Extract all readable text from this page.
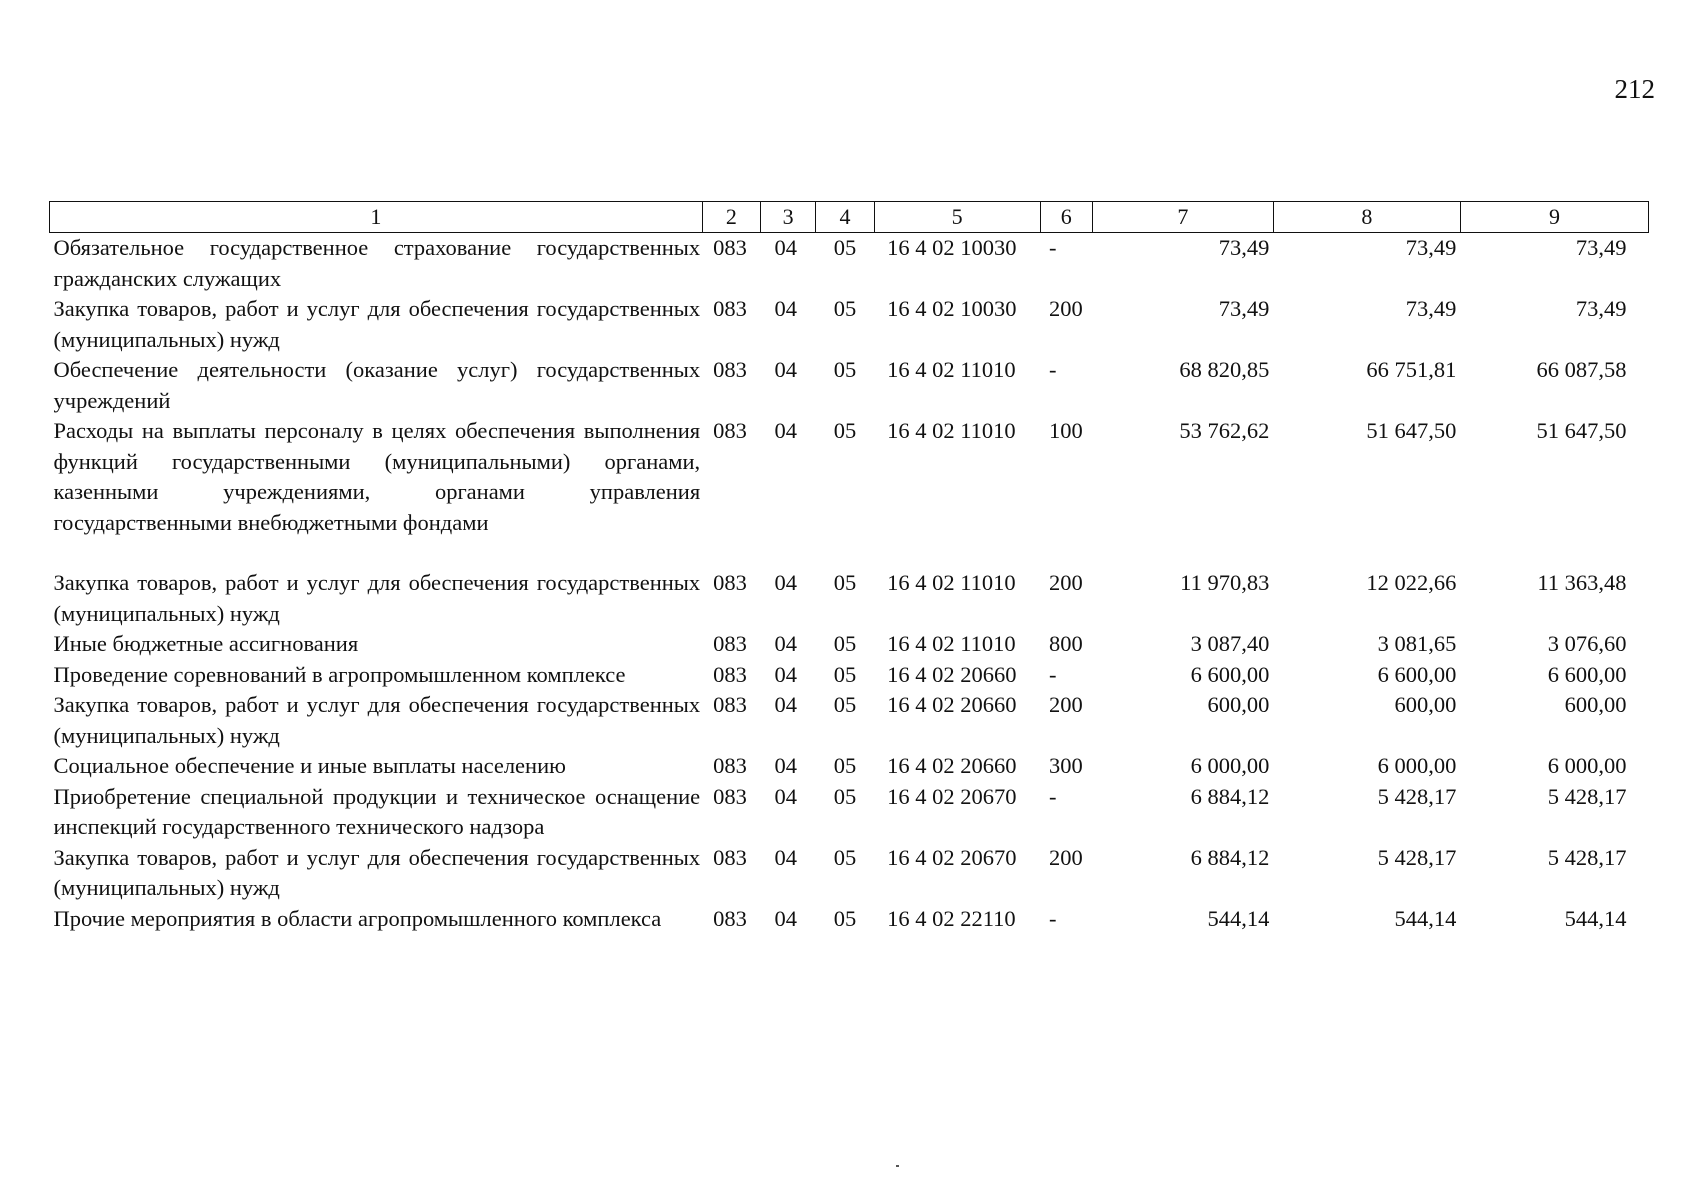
212
1	2	3	4	5	6	7	8	9
Обязательное государственное страхование государственных гражданских служащих	083	04	05	16 4 02 10030	-	73,49	73,49	73,49
Закупка товаров, работ и услуг для обеспечения государственных (муниципальных) нужд	083	04	05	16 4 02 10030	200	73,49	73,49	73,49
Обеспечение деятельности (оказание услуг) государственных учреждений	083	04	05	16 4 02 11010	-	68 820,85	66 751,81	66 087,58
Расходы на выплаты персоналу в целях обеспечения выполнения функций государственными (муниципальными) органами, казенными учреждениями, органами управления государственными внебюджетными фондами	083	04	05	16 4 02 11010	100	53 762,62	51 647,50	51 647,50

Закупка товаров, работ и услуг для обеспечения государственных (муниципальных) нужд	083	04	05	16 4 02 11010	200	11 970,83	12 022,66	11 363,48
Иные бюджетные ассигнования	083	04	05	16 4 02 11010	800	3 087,40	3 081,65	3 076,60
Проведение соревнований в агропромышленном комплексе	083	04	05	16 4 02 20660	-	6 600,00	6 600,00	6 600,00
Закупка товаров, работ и услуг для обеспечения государственных (муниципальных) нужд	083	04	05	16 4 02 20660	200	600,00	600,00	600,00
Социальное обеспечение и иные выплаты населению	083	04	05	16 4 02 20660	300	6 000,00	6 000,00	6 000,00
Приобретение специальной продукции и техническое оснащение инспекций государственного технического надзора	083	04	05	16 4 02 20670	-	6 884,12	5 428,17	5 428,17
Закупка товаров, работ и услуг для обеспечения государственных (муниципальных) нужд	083	04	05	16 4 02 20670	200	6 884,12	5 428,17	5 428,17
Прочие мероприятия в области агропромышленного комплекса	083	04	05	16 4 02 22110	-	544,14	544,14	544,14
